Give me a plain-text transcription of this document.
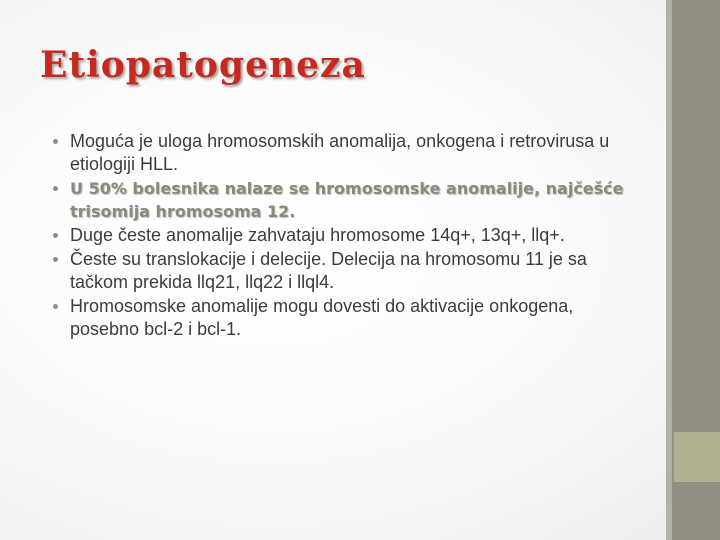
Etiopatogeneza
Moguća je uloga hromosomskih anomalija, onkogena i retrovirusa u etiologiji HLL.
U 50% bolesnika nalaze se hromosomske anomalije, najčešće trisomija hromosoma 12.
Duge česte anomalije zahvataju hromosome 14q+, 13q+, llq+.
Česte su translokacije i delecije. Delecija na hromosomu 11 je sa tačkom prekida llq21, llq22 i llql4.
Hromosomske anomalije mogu dovesti do aktivacije onkogena, posebno bcl-2 i bcl-1.
